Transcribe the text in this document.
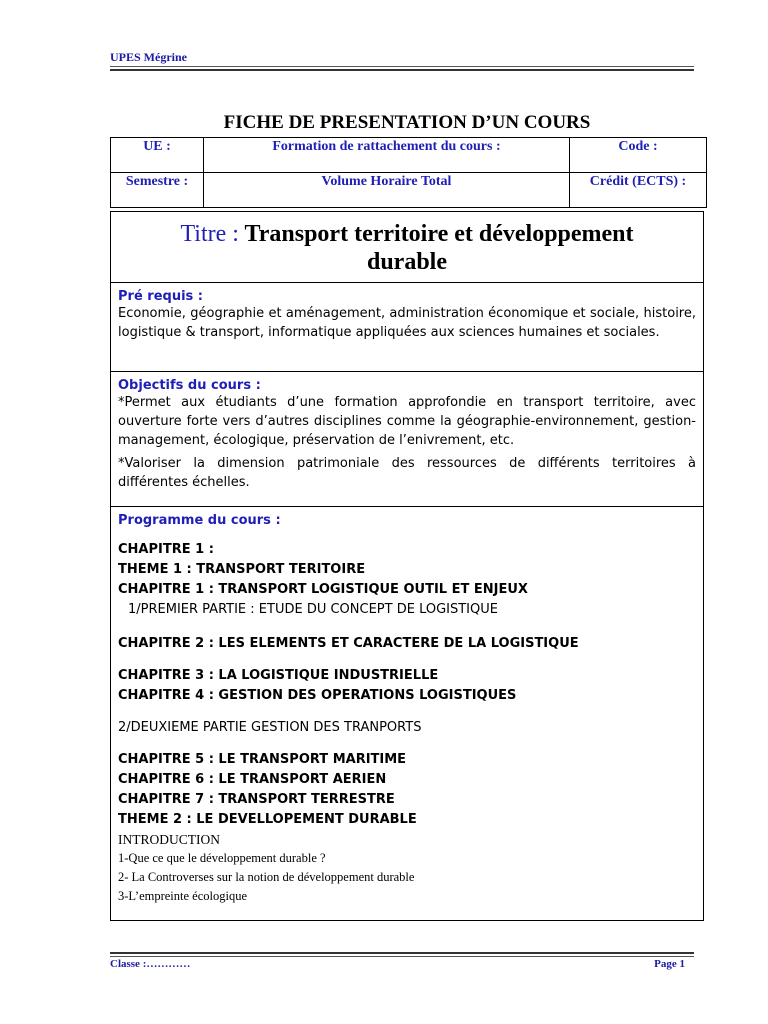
UPES Mégrine
FICHE DE PRESENTATION D’UN COURS
UE :	Formation de rattachement du cours :	Code :
Semestre :	Volume Horaire Total	Crédit (ECTS) :
Titre : Transport territoire et développement
durable
Pré requis :
Economie, géographie et aménagement, administration économique et sociale, histoire, logistique & transport, informatique appliquées aux sciences humaines et sociales.
Objectifs du cours :
*Permet aux étudiants d’une formation approfondie en transport territoire, avec ouverture forte vers d’autres disciplines comme la géographie-environnement, gestion-management, écologique, préservation de l’enivrement, etc.
*Valoriser la dimension patrimoniale des ressources de différents territoires à différentes échelles.
Programme du cours :
CHAPITRE 1 :
THEME 1 : TRANSPORT TERITOIRE
CHAPITRE 1 : TRANSPORT LOGISTIQUE OUTIL ET ENJEUX
1/PREMIER PARTIE : ETUDE DU CONCEPT DE LOGISTIQUE
CHAPITRE 2 : LES ELEMENTS ET CARACTERE DE LA LOGISTIQUE
CHAPITRE 3 : LA LOGISTIQUE INDUSTRIELLE
CHAPITRE 4 : GESTION DES OPERATIONS LOGISTIQUES
2/DEUXIEME PARTIE GESTION DES TRANPORTS
CHAPITRE 5 : LE TRANSPORT MARITIME
CHAPITRE 6 : LE TRANSPORT AERIEN
CHAPITRE 7 : TRANSPORT TERRESTRE
THEME 2 : LE DEVELLOPEMENT DURABLE
INTRODUCTION
1-Que ce que le développement durable ?
2- La Controverses sur la notion de développement durable
3-L’empreinte écologique
Classe :…………	Page 1
